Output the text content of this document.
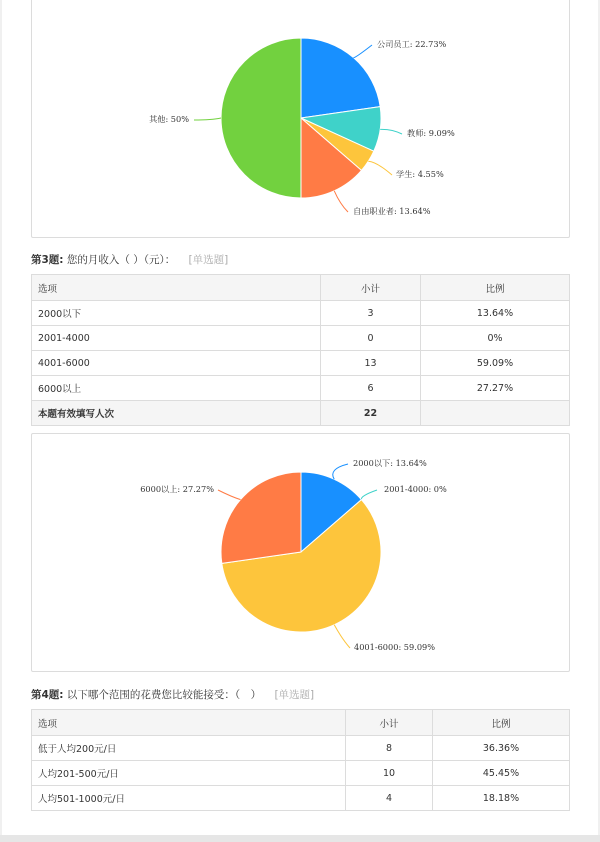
公司员工: 22.73%
教师: 9.09%
学生: 4.55%
自由职业者: 13.64%
其他: 50%
第3题: 您的月收入（ ）（元）： [单选题]
选项	小计	比例
2000以下	3	13.64%
2001-4000	0	0%
4001-6000	13	59.09%
6000以上	6	27.27%
本题有效填写人次	22	
2000以下: 13.64%
2001-4000: 0%
4001-6000: 59.09%
6000以上: 27.27%
第4题: 以下哪个范围的花费您比较能接受：（　） [单选题]
选项	小计	比例
低于人均200元/日	8	36.36%
人均201-500元/日	10	45.45%
人均501-1000元/日	4	18.18%
